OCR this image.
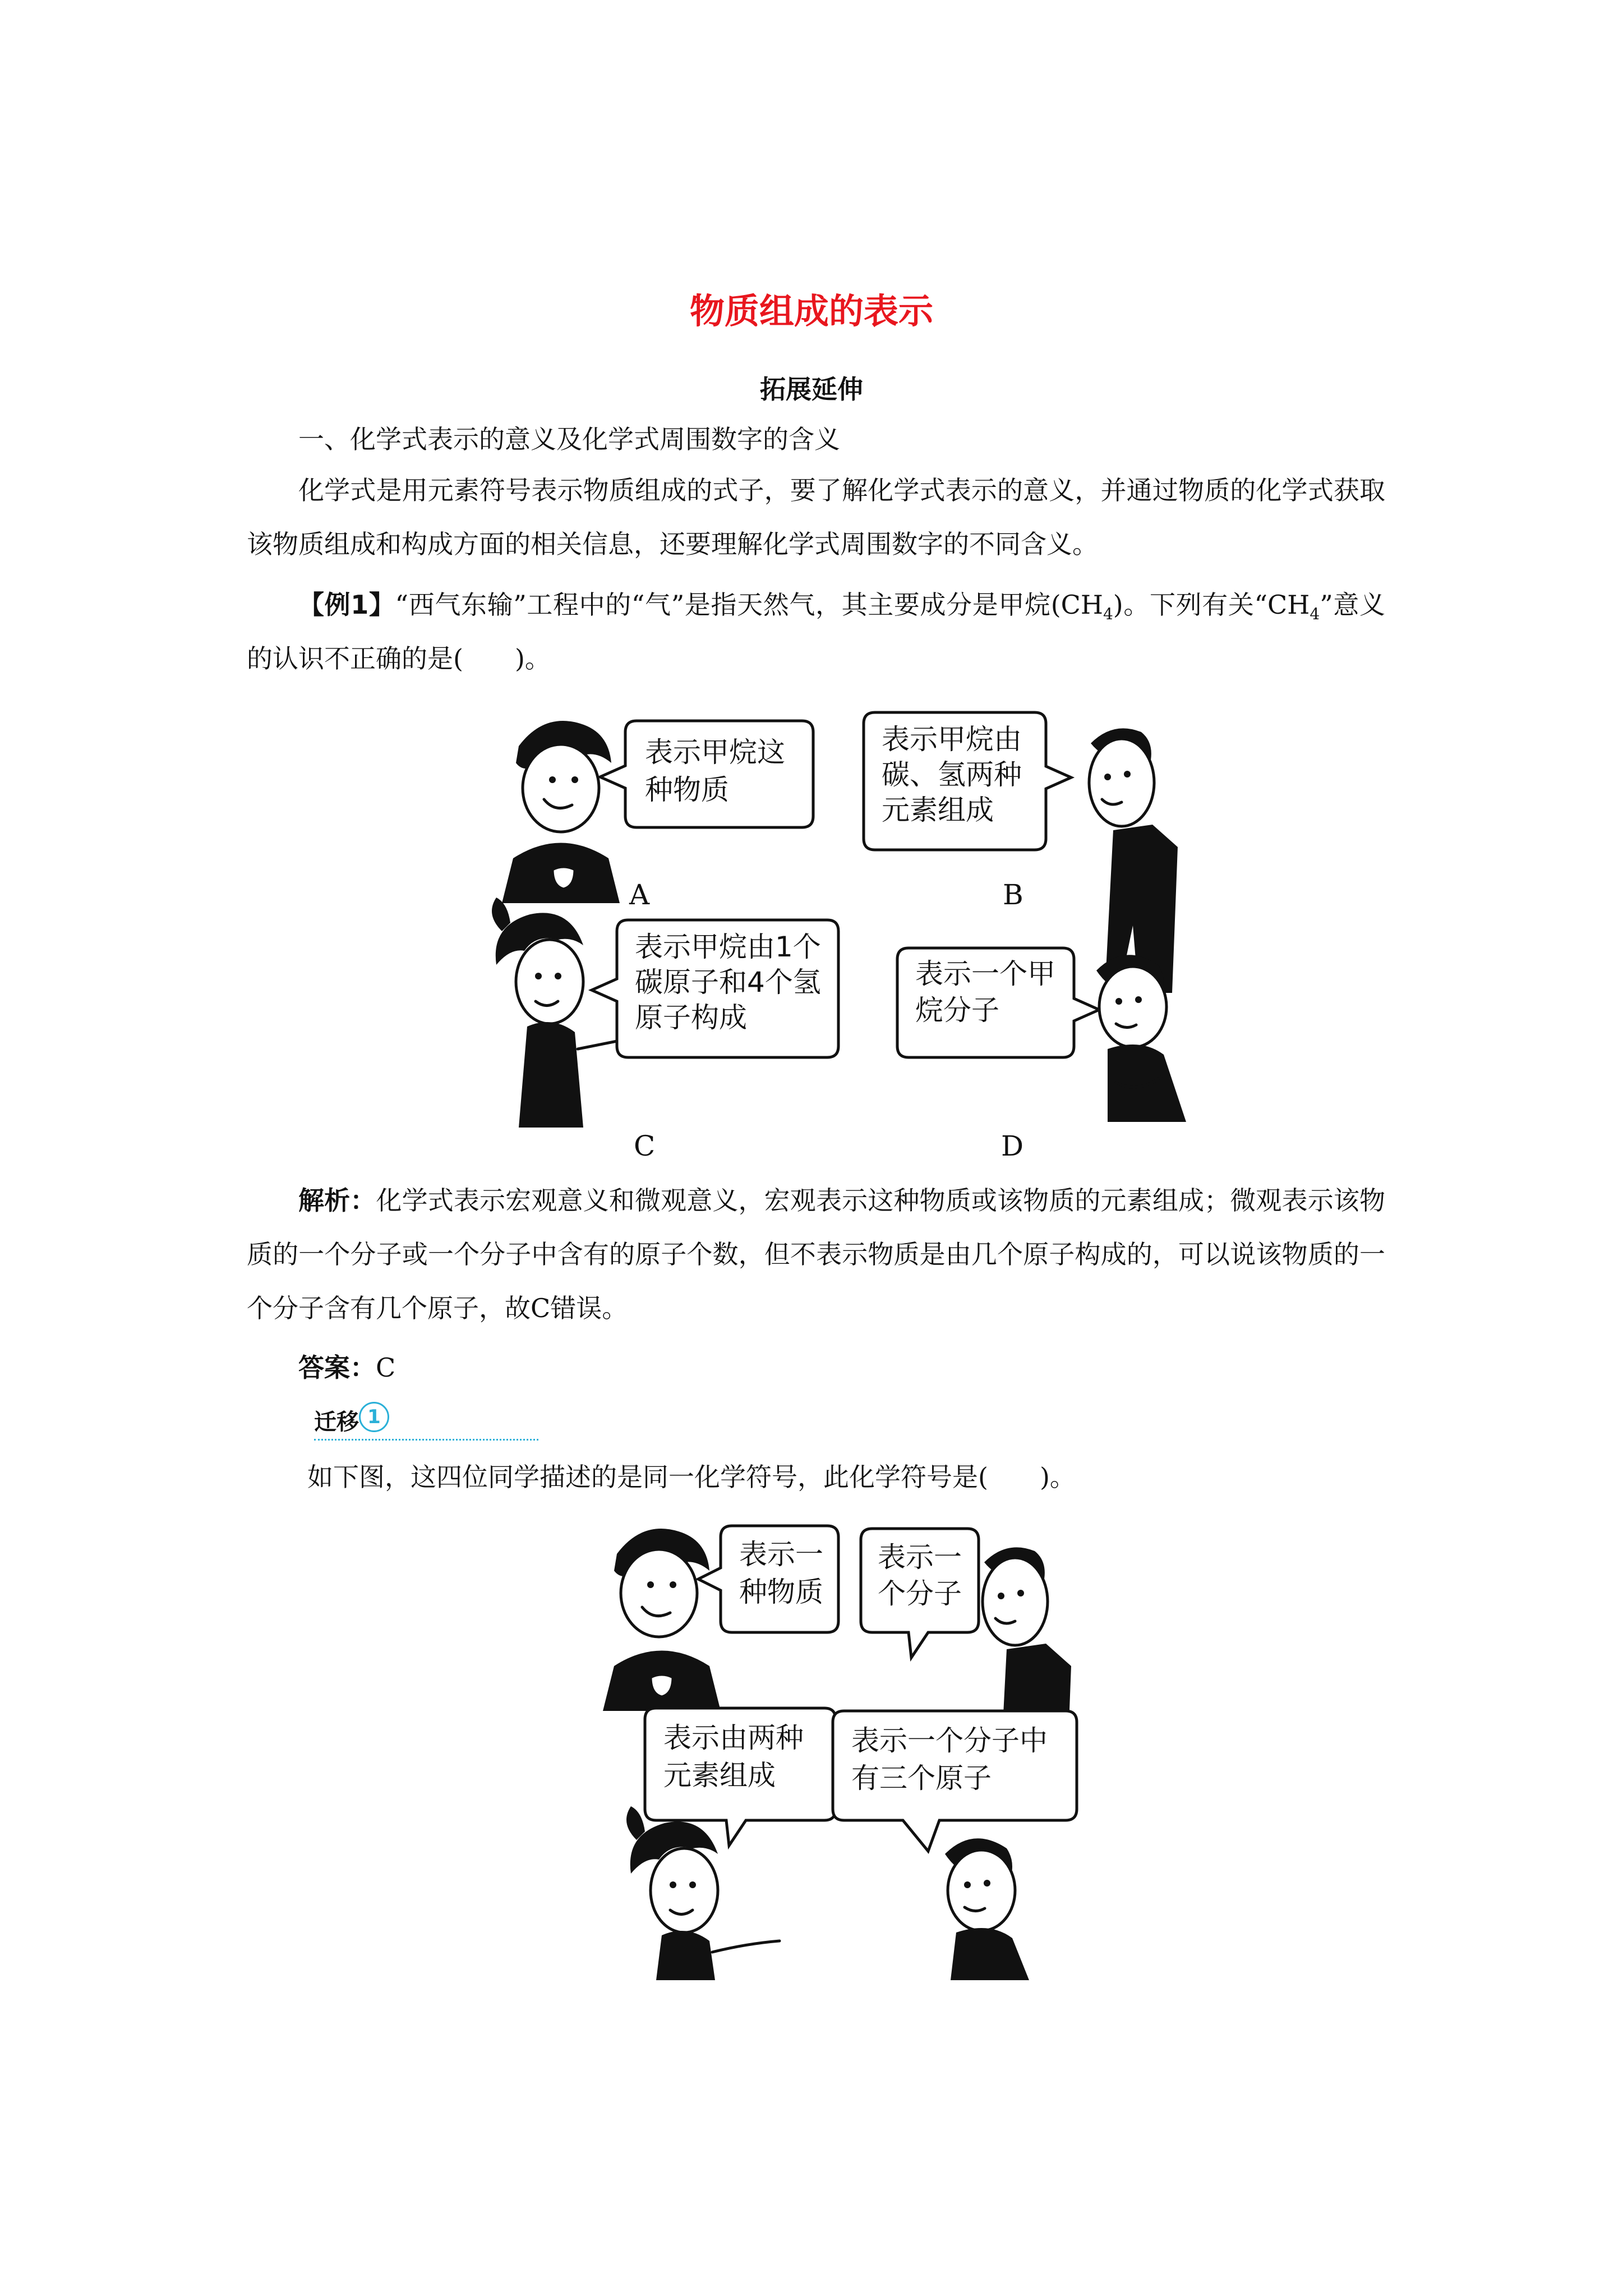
物质组成的表示
拓展延伸
一、化学式表示的意义及化学式周围数字的含义
化学式是用元素符号表示物质组成的式子，要了解化学式表示的意义，并通过物质的化学式获取该物质组成和构成方面的相关信息，还要理解化学式周围数字的不同含义。
【例1】“西气东输”工程中的“气”是指天然气，其主要成分是甲烷$(CH_4)$。下列有关“$CH_4$”意义的认识不正确的是(　　)。
表示甲烷这
种物质
A
表示甲烷由
碳、氢两种
元素组成
B
表示甲烷由1个
碳原子和4个氢
原子构成
C
表示一个甲
烷分子
D
解析：化学式表示宏观意义和微观意义，宏观表示这种物质或该物质的元素组成；微观表示该物质的一个分子或一个分子中含有的原子个数，但不表示物质是由几个原子构成的，可以说该物质的一个分子含有几个原子，故C错误。
答案：C
迁移 1
如下图，这四位同学描述的是同一化学符号，此化学符号是(　　)。
表示一
种物质
表示一
个分子
表示由两种
元素组成
表示一个分子中
有三个原子
